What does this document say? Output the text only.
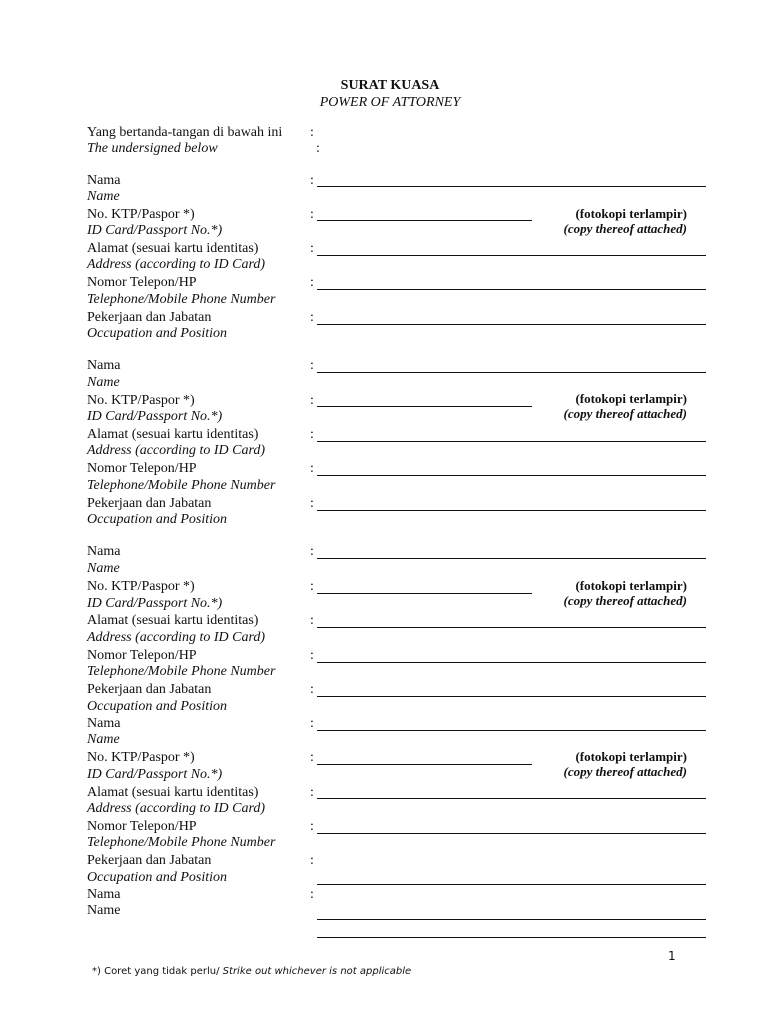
SURAT KUASA
POWER OF ATTORNEY
Yang bertanda-tangan di bawah ini :
The undersigned below	:
Nama
Name
:
No. KTP/Paspor *)
ID Card/Passport No.*)
:	(fotokopi terlampir)
(copy thereof attached)
Alamat (sesuai kartu identitas)
Address (according to ID Card)
:
Nomor Telepon/HP
Telephone/Mobile Phone Number
:
Pekerjaan dan Jabatan
Occupation and Position
:
Nama
Name
:
No. KTP/Paspor *)
ID Card/Passport No.*)
:	(fotokopi terlampir)
(copy thereof attached)
Alamat (sesuai kartu identitas)
Address (according to ID Card)
:
Nomor Telepon/HP
Telephone/Mobile Phone Number
:
Pekerjaan dan Jabatan
Occupation and Position
:
Nama
Name
:
No. KTP/Paspor *)
ID Card/Passport No.*)
:	(fotokopi terlampir)
(copy thereof attached)
Alamat (sesuai kartu identitas)
Address (according to ID Card)
:
Nomor Telepon/HP
Telephone/Mobile Phone Number
:
Pekerjaan dan Jabatan
Occupation and Position
:
Nama
Name
:
No. KTP/Paspor *)
ID Card/Passport No.*)
:	(fotokopi terlampir)
(copy thereof attached)
Alamat (sesuai kartu identitas)
Address (according to ID Card)
:
Nomor Telepon/HP
Telephone/Mobile Phone Number
:
Pekerjaan dan Jabatan
Occupation and Position
:
Nama
Name
:
1
*) Coret yang tidak perlu/ Strike out whichever is not applicable
